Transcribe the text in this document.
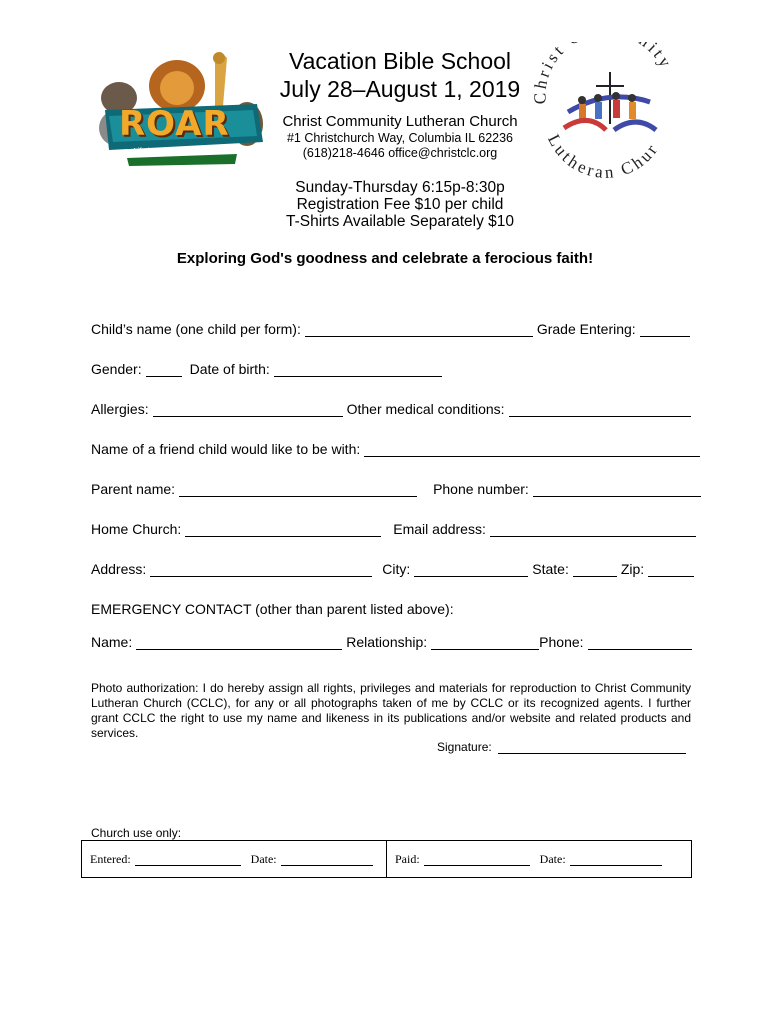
ROAR
Life is wild · God is good
Vacation Bible School
July 28–August 1, 2019
Christ Community Lutheran Church
#1 Christchurch Way, Columbia IL 62236
(618)218-4646 office@christclc.org
Sunday-Thursday 6:15p-8:30p
Registration Fee $10 per child
T-Shirts Available Separately $10
Christ ity
Lutheran Chur
Exploring God's goodness and celebrate a ferocious faith!
Child’s name (one child per form):	Grade Entering:
Gender:	Date of birth:
Allergies:	Other medical conditions:
Name of a friend child would like to be with:
Parent name:	Phone number:
Home Church:	Email address:
Address:	City:	State:	Zip:
EMERGENCY CONTACT (other than parent listed above):
Name:	Relationship:	Phone:
Photo authorization: I do hereby assign all rights, privileges and materials for reproduction to Christ Community Lutheran Church (CCLC), for any or all photographs taken of me by CCLC or its recognized agents. I further grant CCLC the right to use my name and likeness in its publications and/or website and related products and services.
Signature:
Church use only:
Entered:	Date:	Paid:	Date:
